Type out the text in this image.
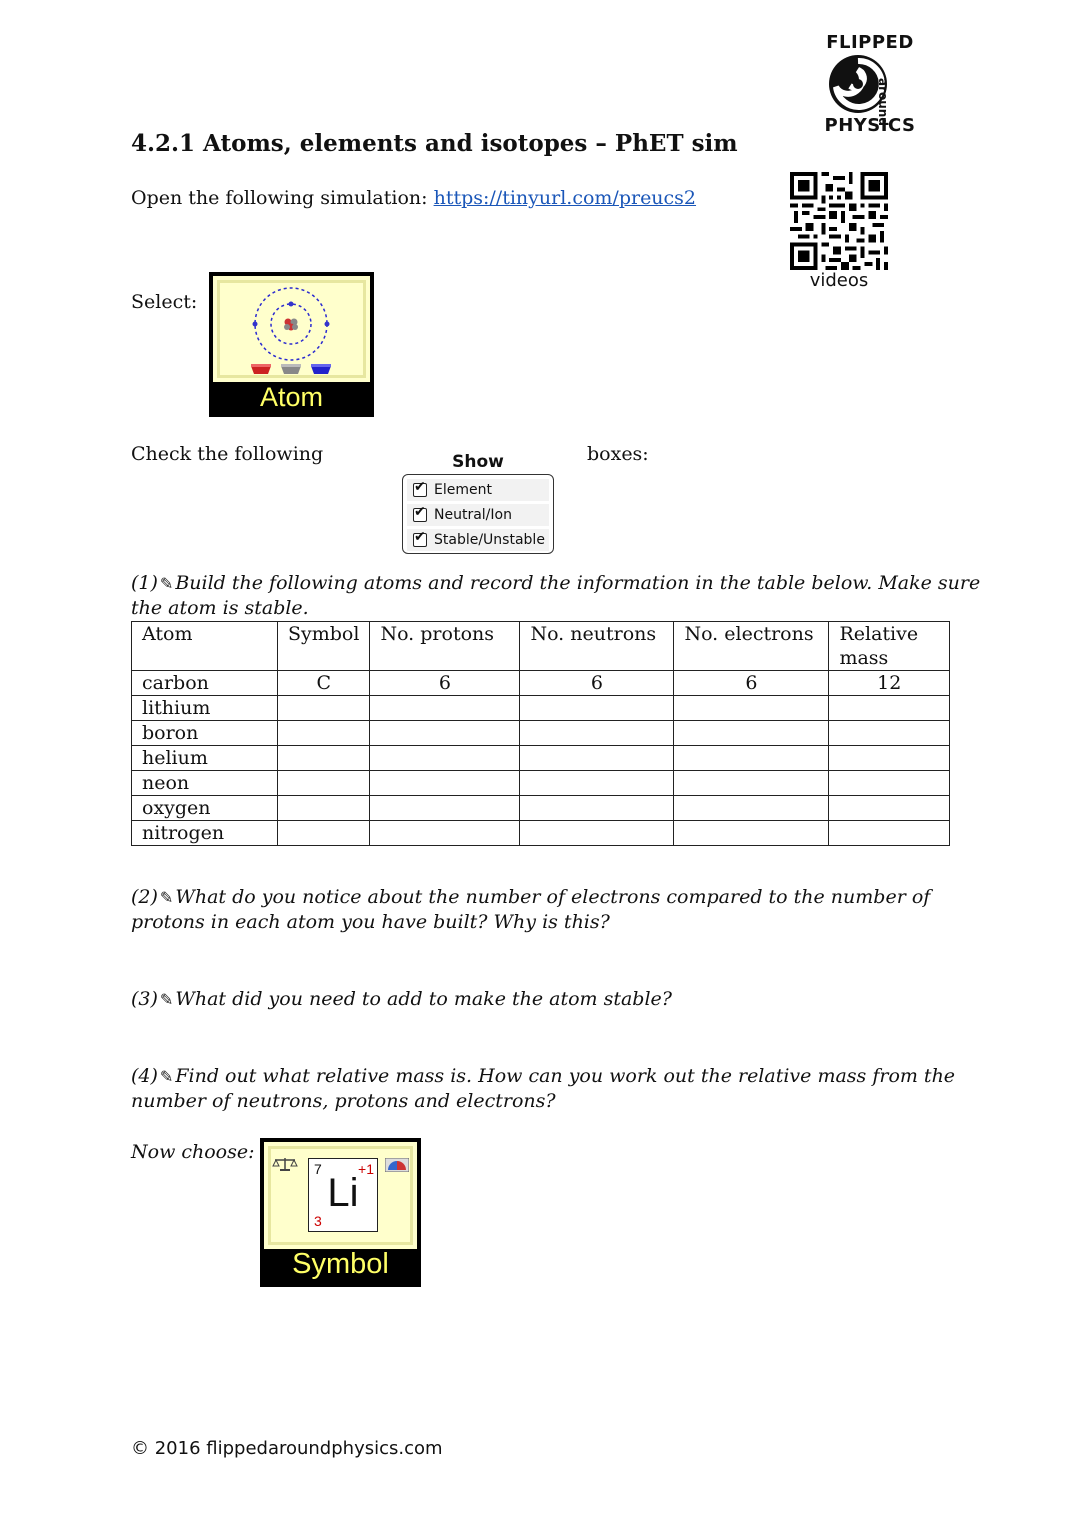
FLIPPED
around
PHYSICS
videos
4.2.1 Atoms, elements and isotopes – PhET sim
Open the following simulation: https://tinyurl.com/preucs2
Select:
Atom
Check the following	boxes:
Show
✔
Element
✔
Neutral/Ion
✔
Stable/Unstable
(1) ✎ Build the following atoms and record the information in the table below. Make sure
the atom is stable.
Atom	Symbol	No. protons	No. neutrons	No. electrons	Relative mass
carbon	C	6	6	6	12
lithium					
boron					
helium					
neon					
oxygen					
nitrogen					
(2) ✎ What do you notice about the number of electrons compared to the number of
protons in each atom you have built? Why is this?
(3) ✎ What did you need to add to make the atom stable?
(4) ✎ Find out what relative mass is. How can you work out the relative mass from the
number of neutrons, protons and electrons?
Now choose:
7	+1
Li
3
Symbol
© 2016 flippedaroundphysics.com
